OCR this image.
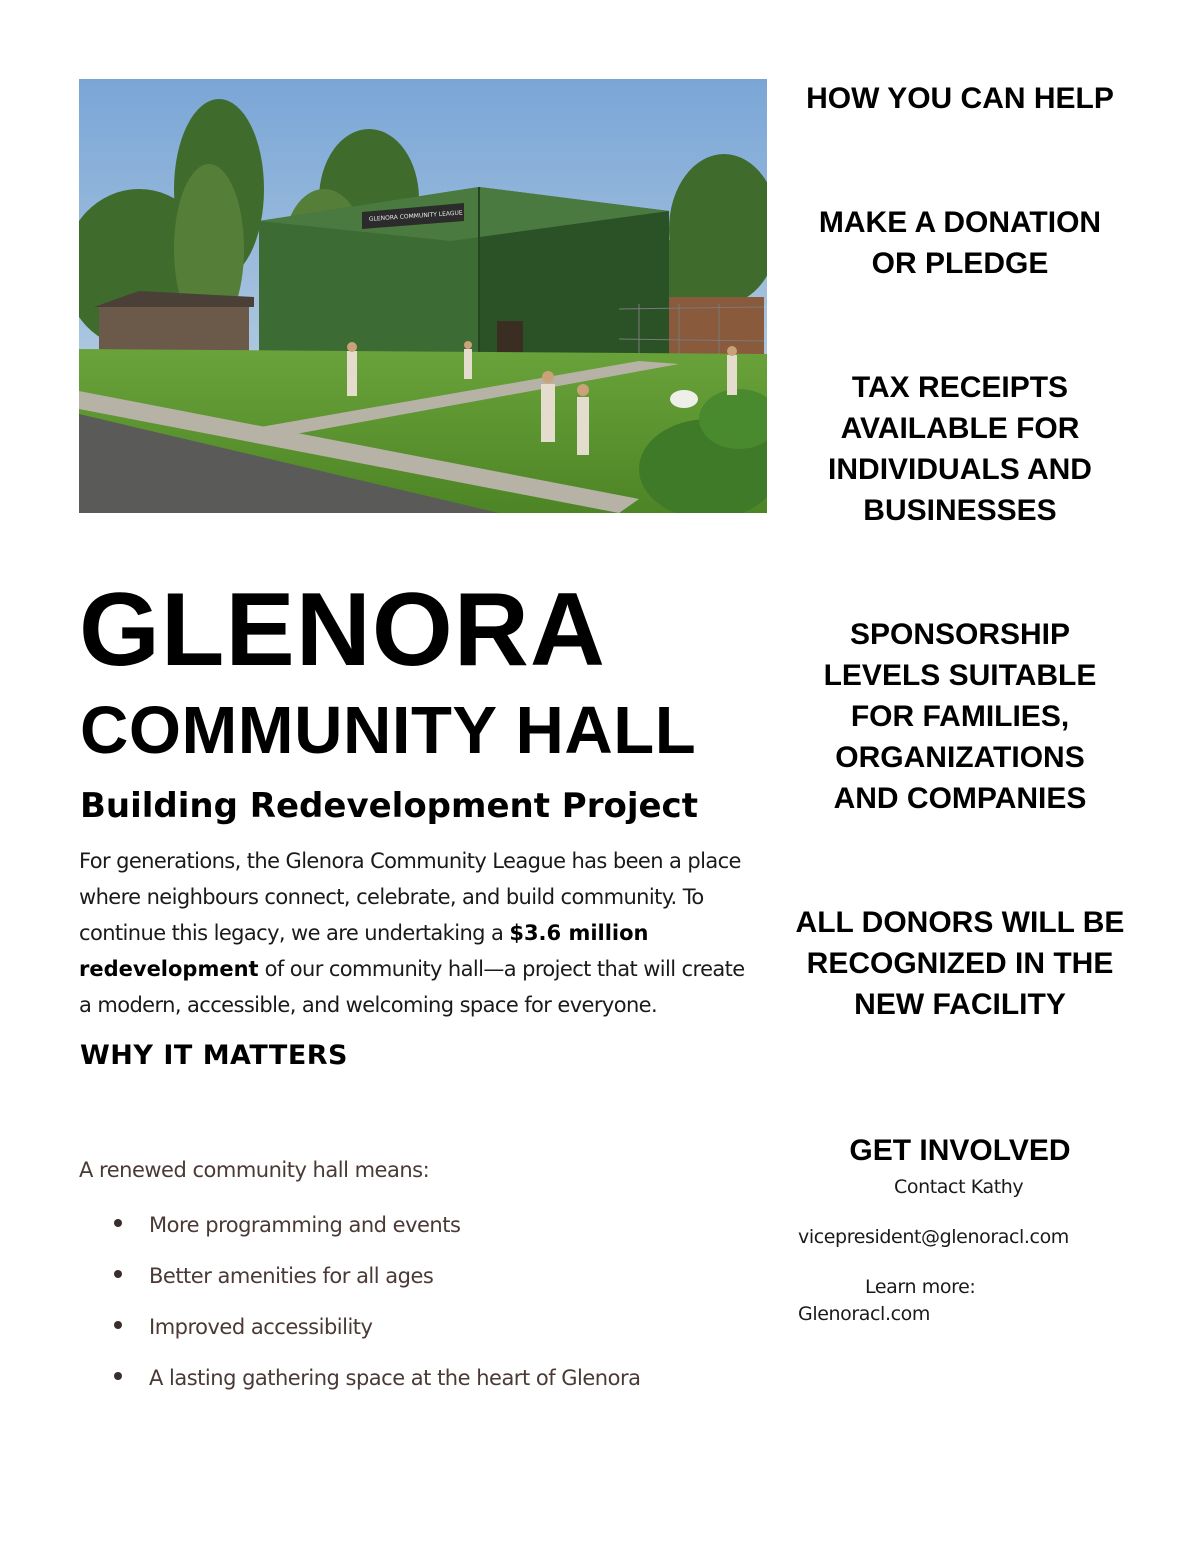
GLENORA COMMUNITY LEAGUE
GLENORA
COMMUNITY HALL
Building Redevelopment Project

For generations, the Glenora Community League has been a place where neighbours connect, celebrate, and build community. To continue this legacy, we are undertaking a $3.6 million redevelopment of our community hall—a project that will create a modern, accessible, and welcoming space for everyone.

WHY IT MATTERS

A renewed community hall means:

More programming and events
Better amenities for all ages
Improved accessibility
A lasting gathering space at the heart of Glenora

HOW YOU CAN HELP

MAKE A DONATION OR PLEDGE

TAX RECEIPTS AVAILABLE FOR INDIVIDUALS AND BUSINESSES

SPONSORSHIP LEVELS SUITABLE FOR FAMILIES, ORGANIZATIONS AND COMPANIES

ALL DONORS WILL BE RECOGNIZED IN THE NEW FACILITY

GET INVOLVED

Contact Kathy

vicepresident@glenoracl.com

Learn more:

Glenoracl.com
